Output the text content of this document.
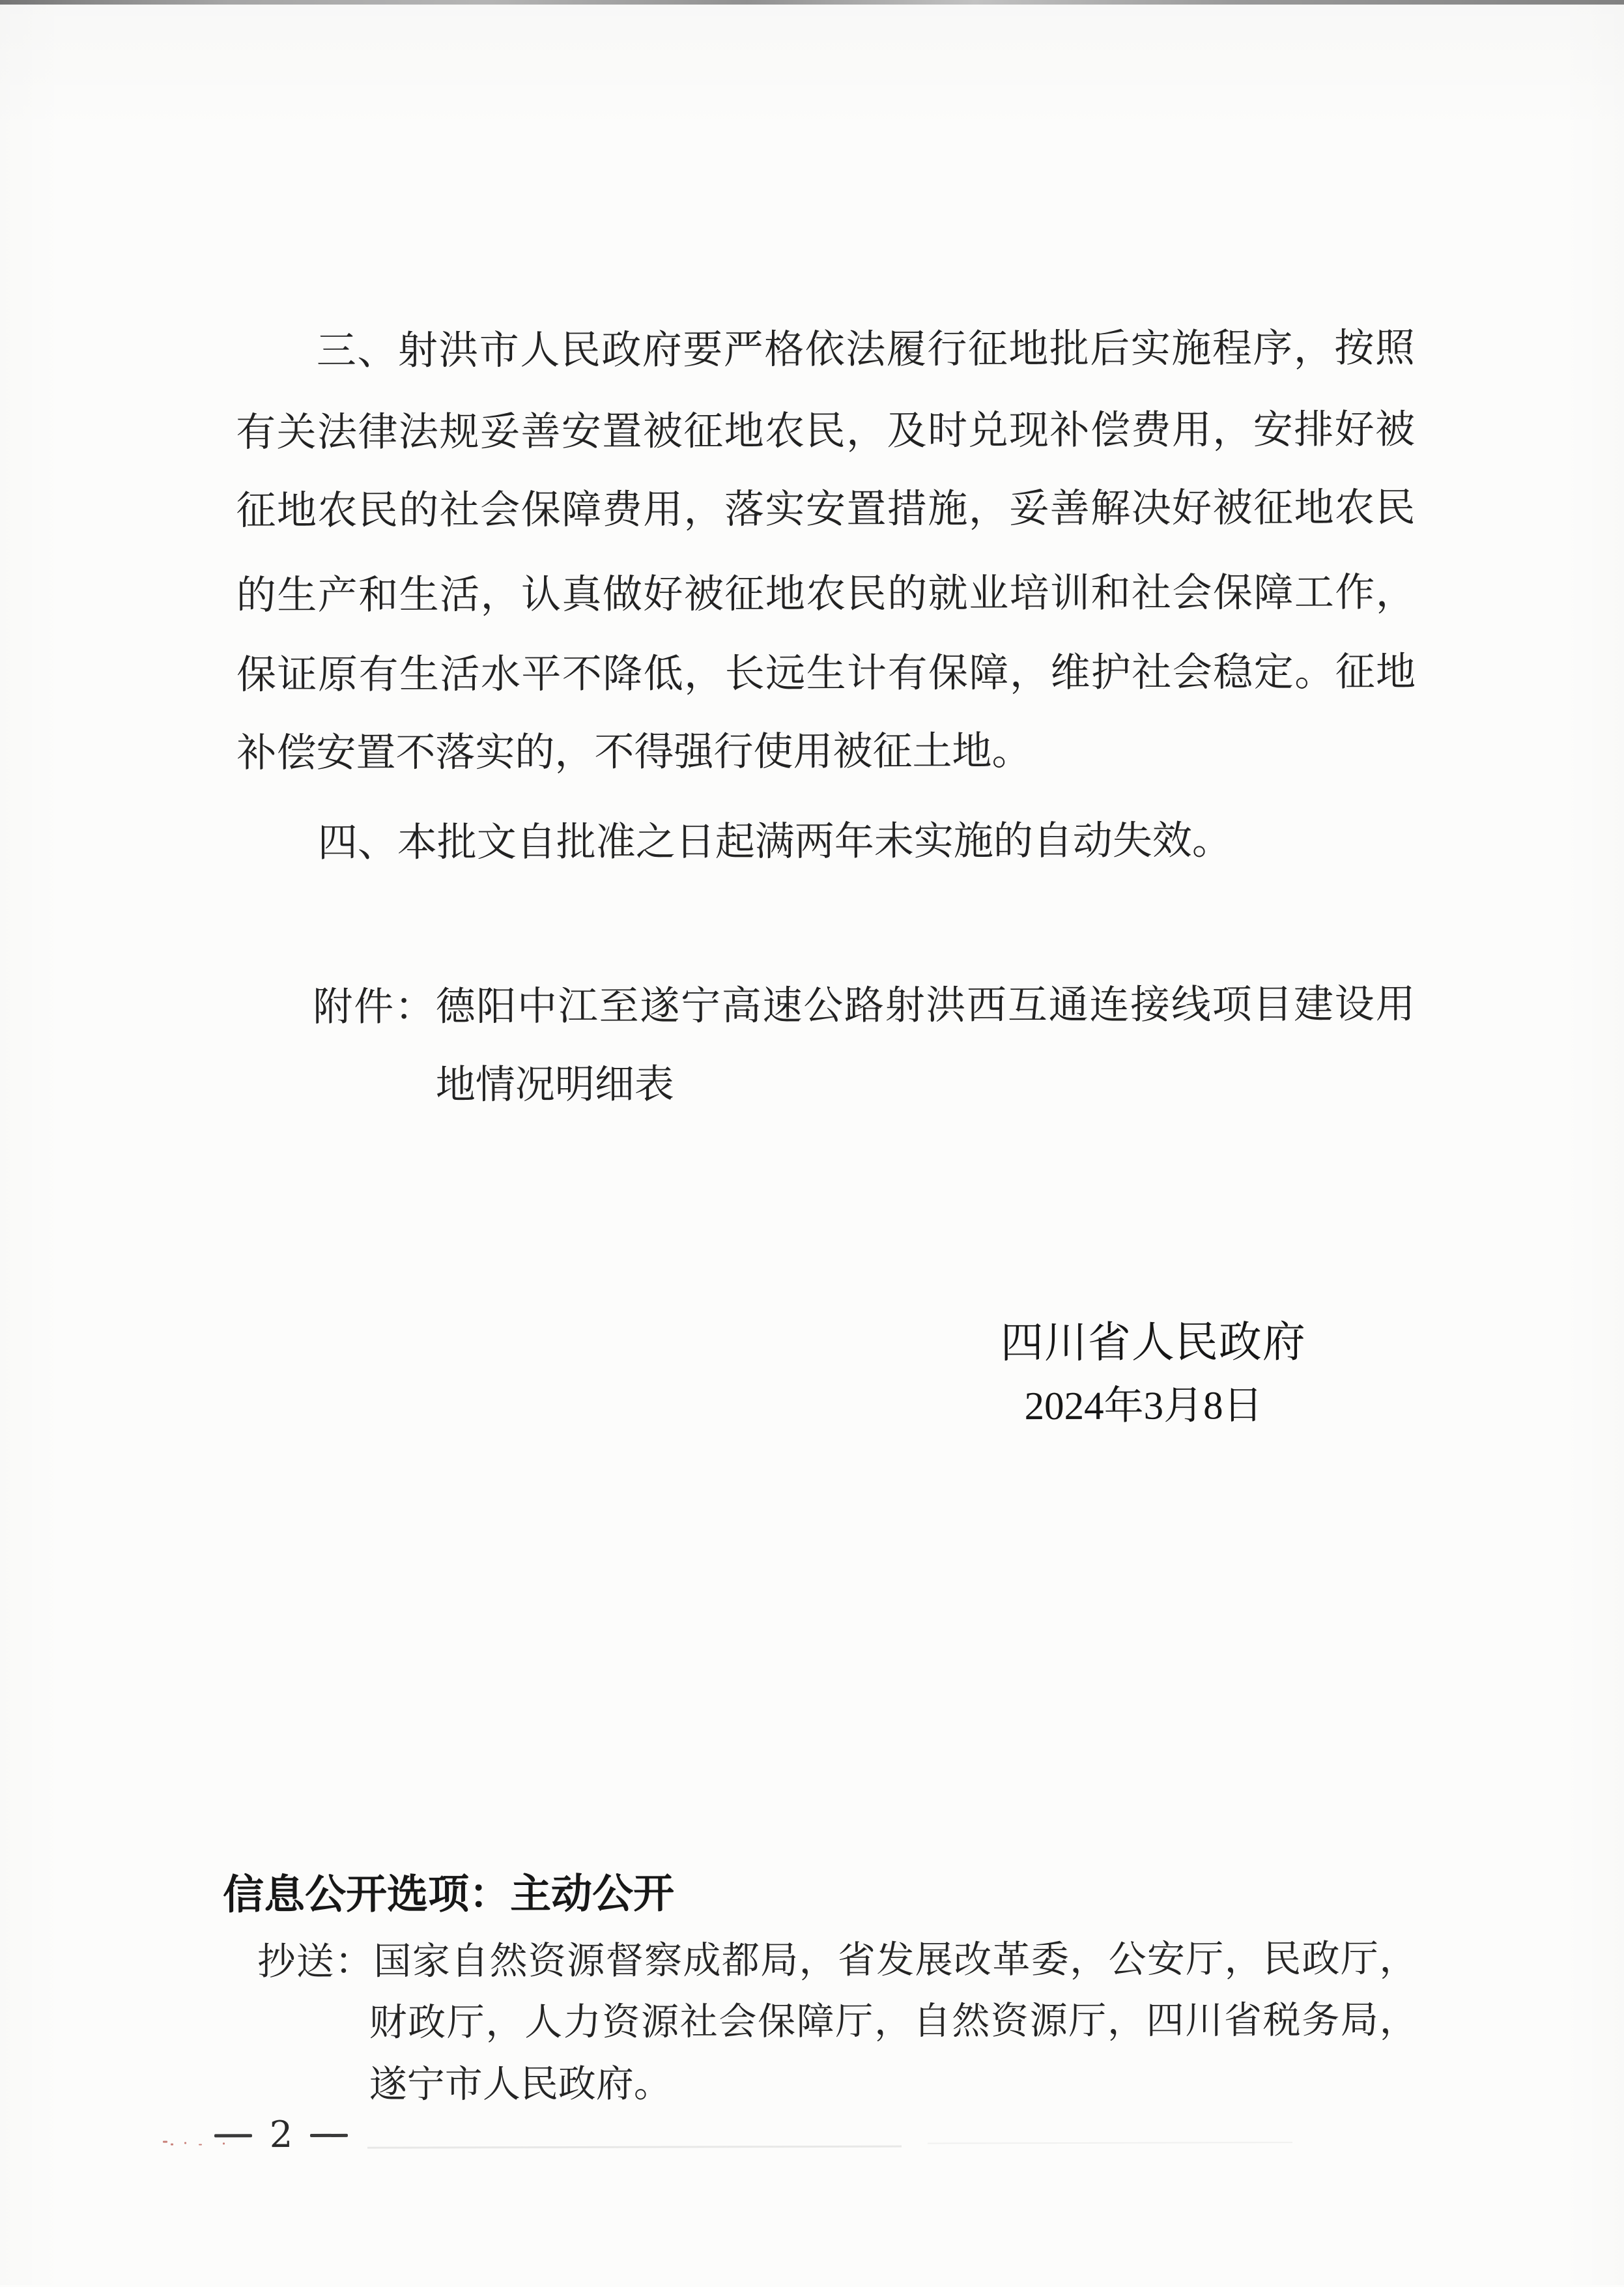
三、射洪市人民政府要严格依法履行征地批后实施程序，按照
有关法律法规妥善安置被征地农民，及时兑现补偿费用，安排好被
征地农民的社会保障费用，落实安置措施，妥善解决好被征地农民
的生产和生活，认真做好被征地农民的就业培训和社会保障工作，
保证原有生活水平不降低，长远生计有保障，维护社会稳定。征地
补偿安置不落实的，不得强行使用被征土地。
四、本批文自批准之日起满两年未实施的自动失效。
附件：德阳中江至遂宁高速公路射洪西互通连接线项目建设用
地情况明细表
四川省人民政府
2024年3月8日
信息公开选项：主动公开
抄送：国家自然资源督察成都局，省发展改革委，公安厅，民政厅，
财政厅，人力资源社会保障厅，自然资源厅，四川省税务局，
遂宁市人民政府。
2
